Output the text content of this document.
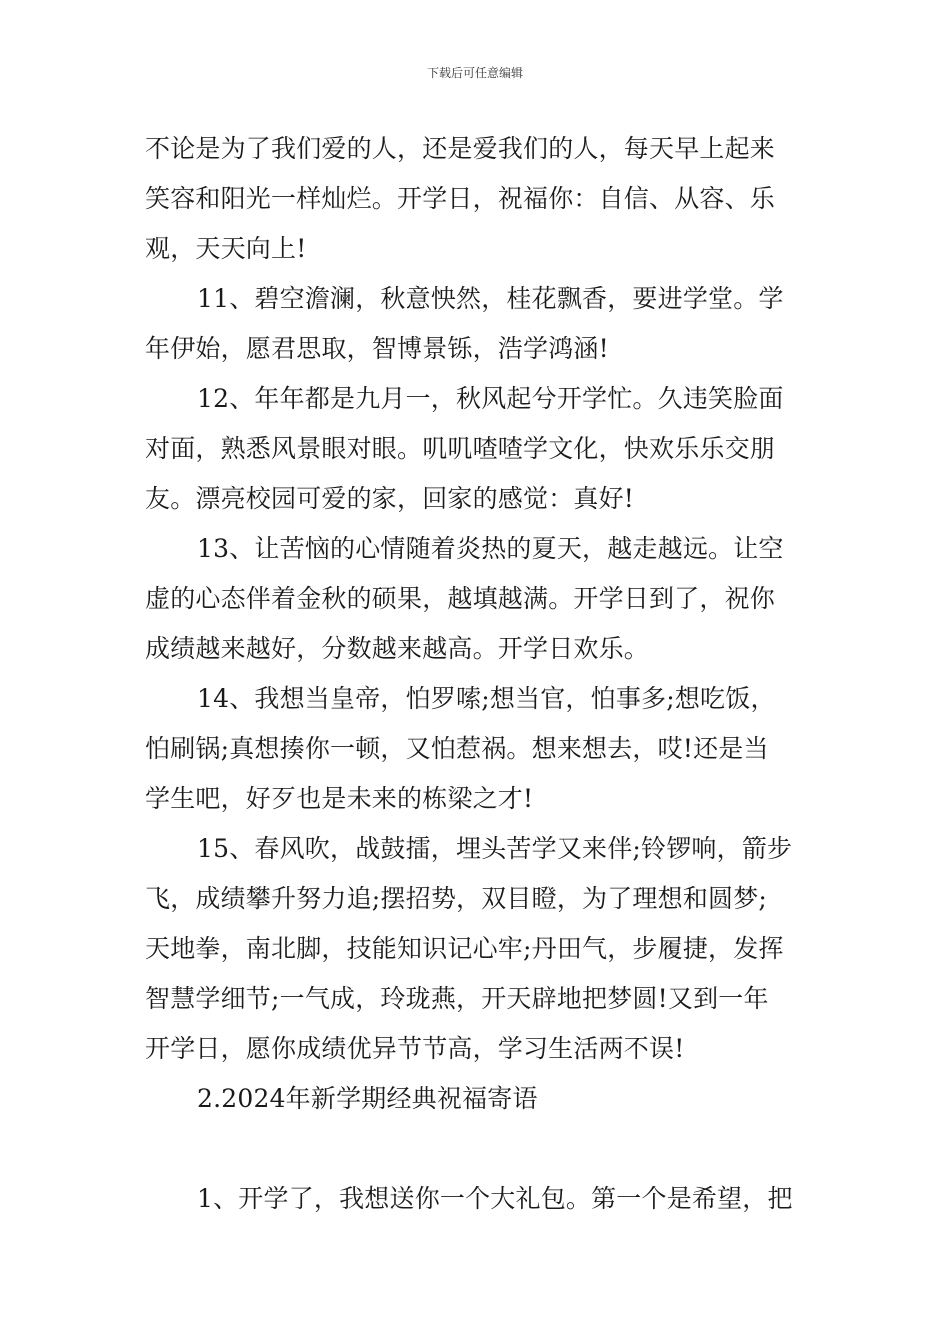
下载后可任意编辑
不论是为了我们爱的人，还是爱我们的人，每天早上起来
笑容和阳光一样灿烂。开学日，祝福你：自信、从容、乐
观，天天向上!
11、碧空澹澜，秋意怏然，桂花飘香，要进学堂。学
年伊始，愿君思取，智博景铄，浩学鸿涵!
12、年年都是九月一，秋风起兮开学忙。久违笑脸面
对面，熟悉风景眼对眼。叽叽喳喳学文化，快欢乐乐交朋
友。漂亮校园可爱的家，回家的感觉：真好!
13、让苦恼的心情随着炎热的夏天，越走越远。让空
虚的心态伴着金秋的硕果，越填越满。开学日到了，祝你
成绩越来越好，分数越来越高。开学日欢乐。
14、我想当皇帝，怕罗嗦;想当官，怕事多;想吃饭，
怕刷锅;真想揍你一顿，又怕惹祸。想来想去，哎!还是当
学生吧，好歹也是未来的栋梁之才!
15、春风吹，战鼓擂，埋头苦学又来伴;铃锣响，箭步
飞，成绩攀升努力追;摆招势，双目瞪，为了理想和圆梦;
天地拳，南北脚，技能知识记心牢;丹田气，步履捷，发挥
智慧学细节;一气成，玲珑燕，开天辟地把梦圆!又到一年
开学日，愿你成绩优异节节高，学习生活两不误!
2.2024年新学期经典祝福寄语
1、开学了，我想送你一个大礼包。第一个是希望，把
